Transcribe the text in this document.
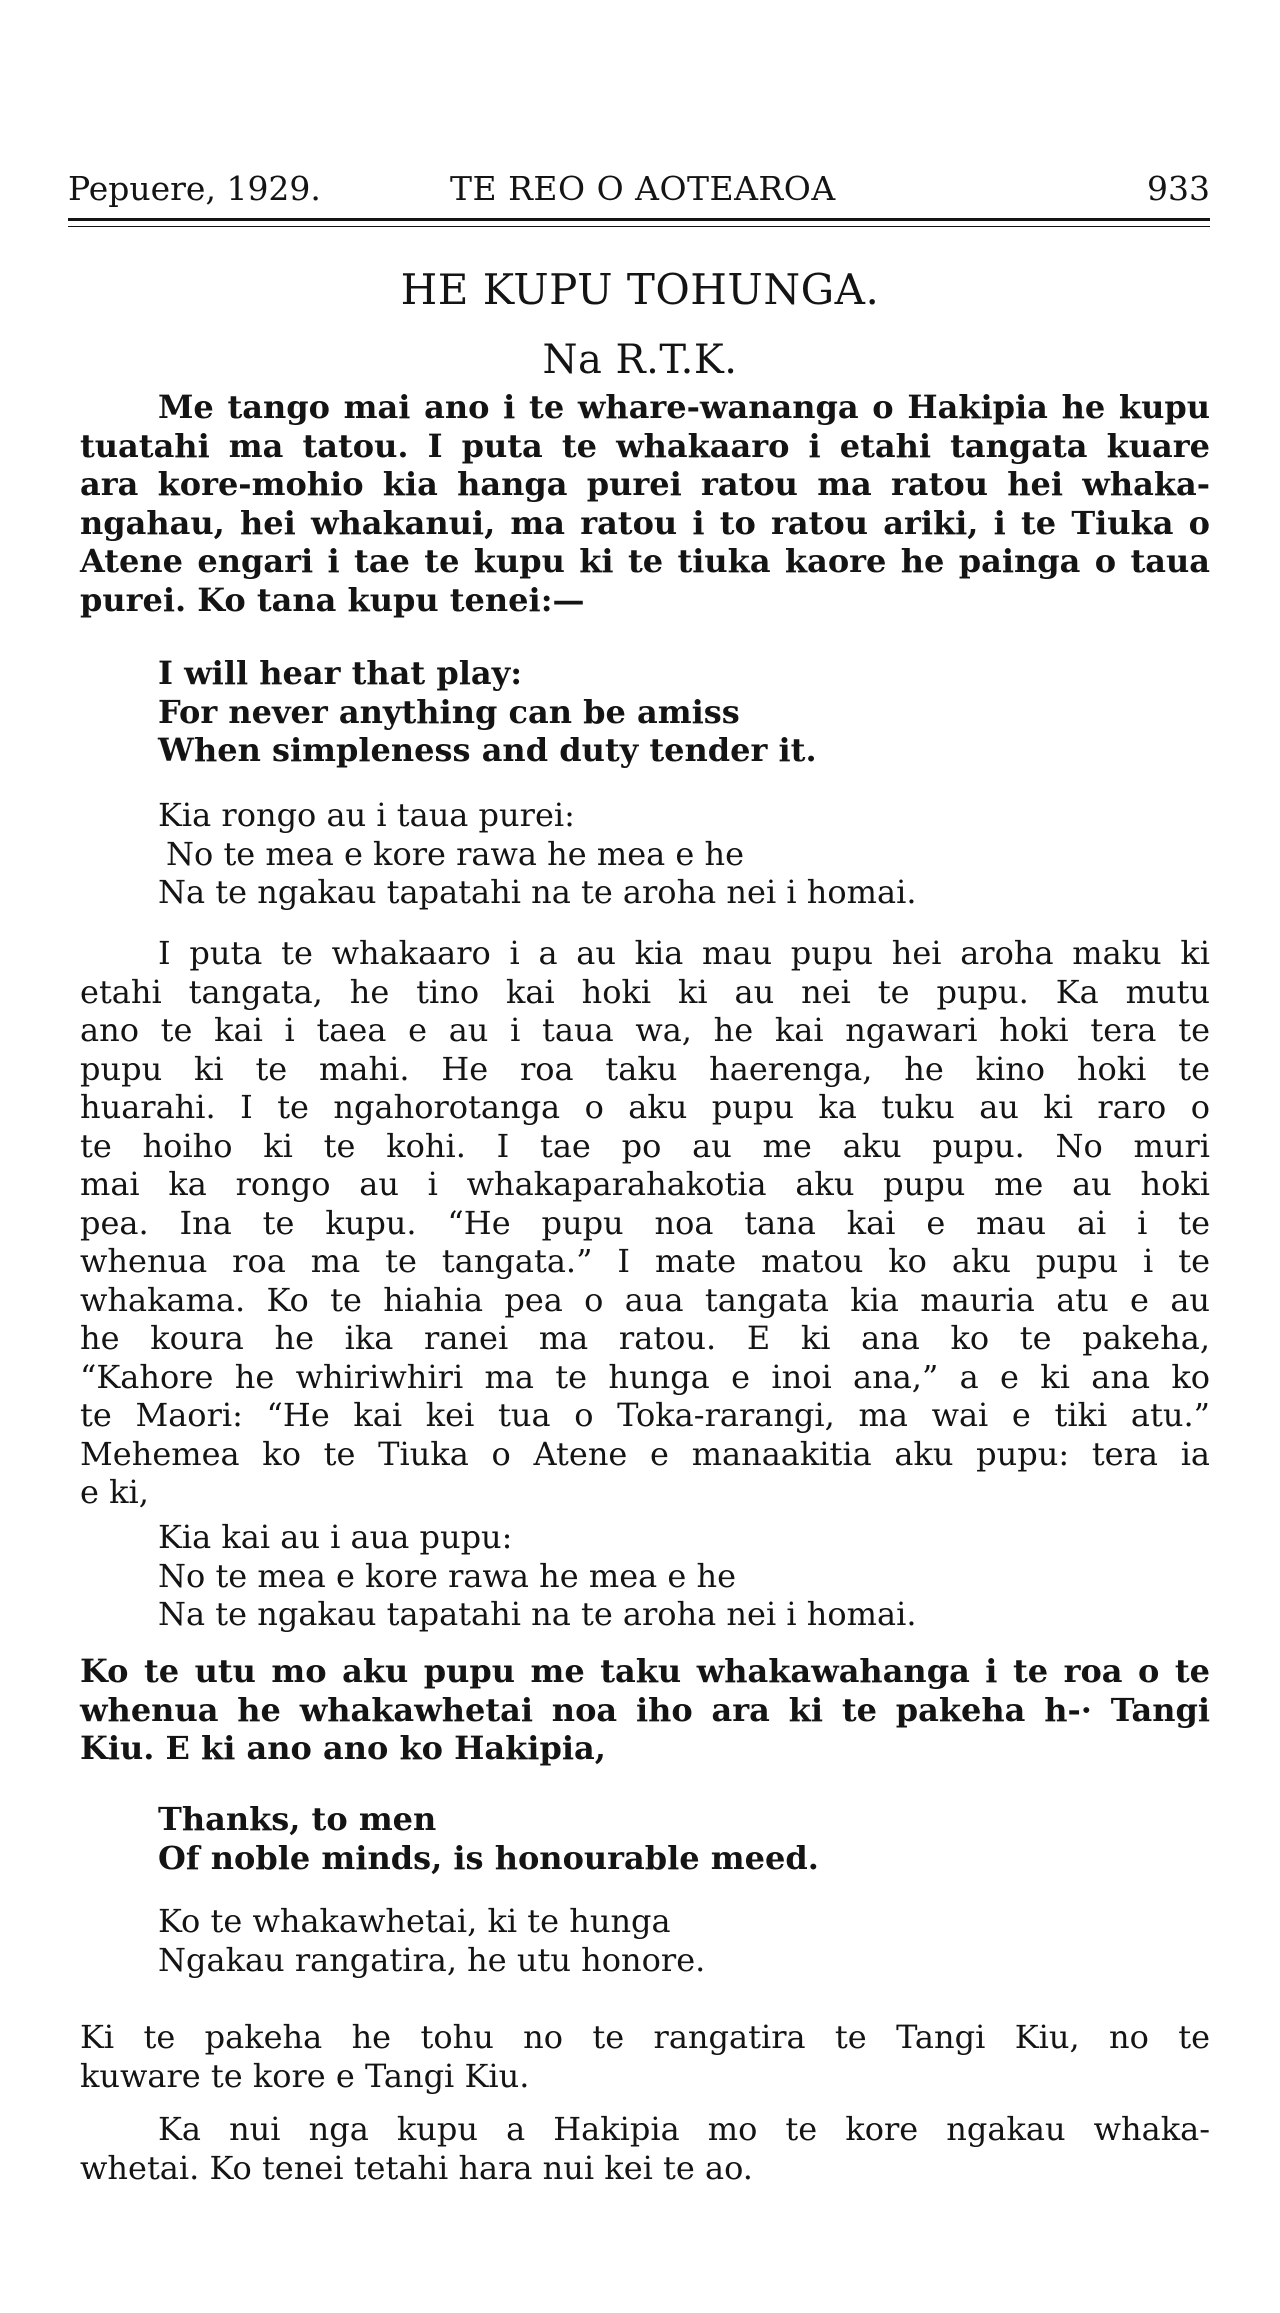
Pepuere, 1929.	TE REO O AOTEAROA	933
HE KUPU TOHUNGA.
Na R.T.K.

Me tango mai ano i te whare-wananga o Hakipia he kupu

tuatahi ma tatou. I puta te whakaaro i etahi tangata kuare

ara kore-mohio kia hanga purei ratou ma ratou hei whaka-

ngahau, hei whakanui, ma ratou i to ratou ariki, i te Tiuka o

Atene engari i tae te kupu ki te tiuka kaore he painga o taua

purei. Ko tana kupu tenei:—

I will hear that play:
For never anything can be amiss
When simpleness and duty tender it.
Kia rongo au i taua purei:
No te mea e kore rawa he mea e he
Na te ngakau tapatahi na te aroha nei i homai.

I puta te whakaaro i a au kia mau pupu hei aroha maku ki

etahi tangata, he tino kai hoki ki au nei te pupu. Ka mutu

ano te kai i taea e au i taua wa, he kai ngawari hoki tera te

pupu ki te mahi. He roa taku haerenga, he kino hoki te

huarahi. I te ngahorotanga o aku pupu ka tuku au ki raro o

te hoiho ki te kohi. I tae po au me aku pupu. No muri

mai ka rongo au i whakaparahakotia aku pupu me au hoki

pea. Ina te kupu. “He pupu noa tana kai e mau ai i te

whenua roa ma te tangata.” I mate matou ko aku pupu i te

whakama. Ko te hiahia pea o aua tangata kia mauria atu e au

he koura he ika ranei ma ratou. E ki ana ko te pakeha,

“Kahore he whiriwhiri ma te hunga e inoi ana,” a e ki ana ko

te Maori: “He kai kei tua o Toka-rarangi, ma wai e tiki atu.”

Mehemea ko te Tiuka o Atene e manaakitia aku pupu: tera ia

e ki,

Kia kai au i aua pupu:
No te mea e kore rawa he mea e he
Na te ngakau tapatahi na te aroha nei i homai.

Ko te utu mo aku pupu me taku whakawahanga i te roa o te

whenua he whakawhetai noa iho ara ki te pakeha h-· Tangi

Kiu. E ki ano ano ko Hakipia,

Thanks, to men
Of noble minds, is honourable meed.
Ko te whakawhetai, ki te hunga
Ngakau rangatira, he utu honore.

Ki te pakeha he tohu no te rangatira te Tangi Kiu, no te

kuware te kore e Tangi Kiu.

Ka nui nga kupu a Hakipia mo te kore ngakau whaka-

whetai. Ko tenei tetahi hara nui kei te ao.
